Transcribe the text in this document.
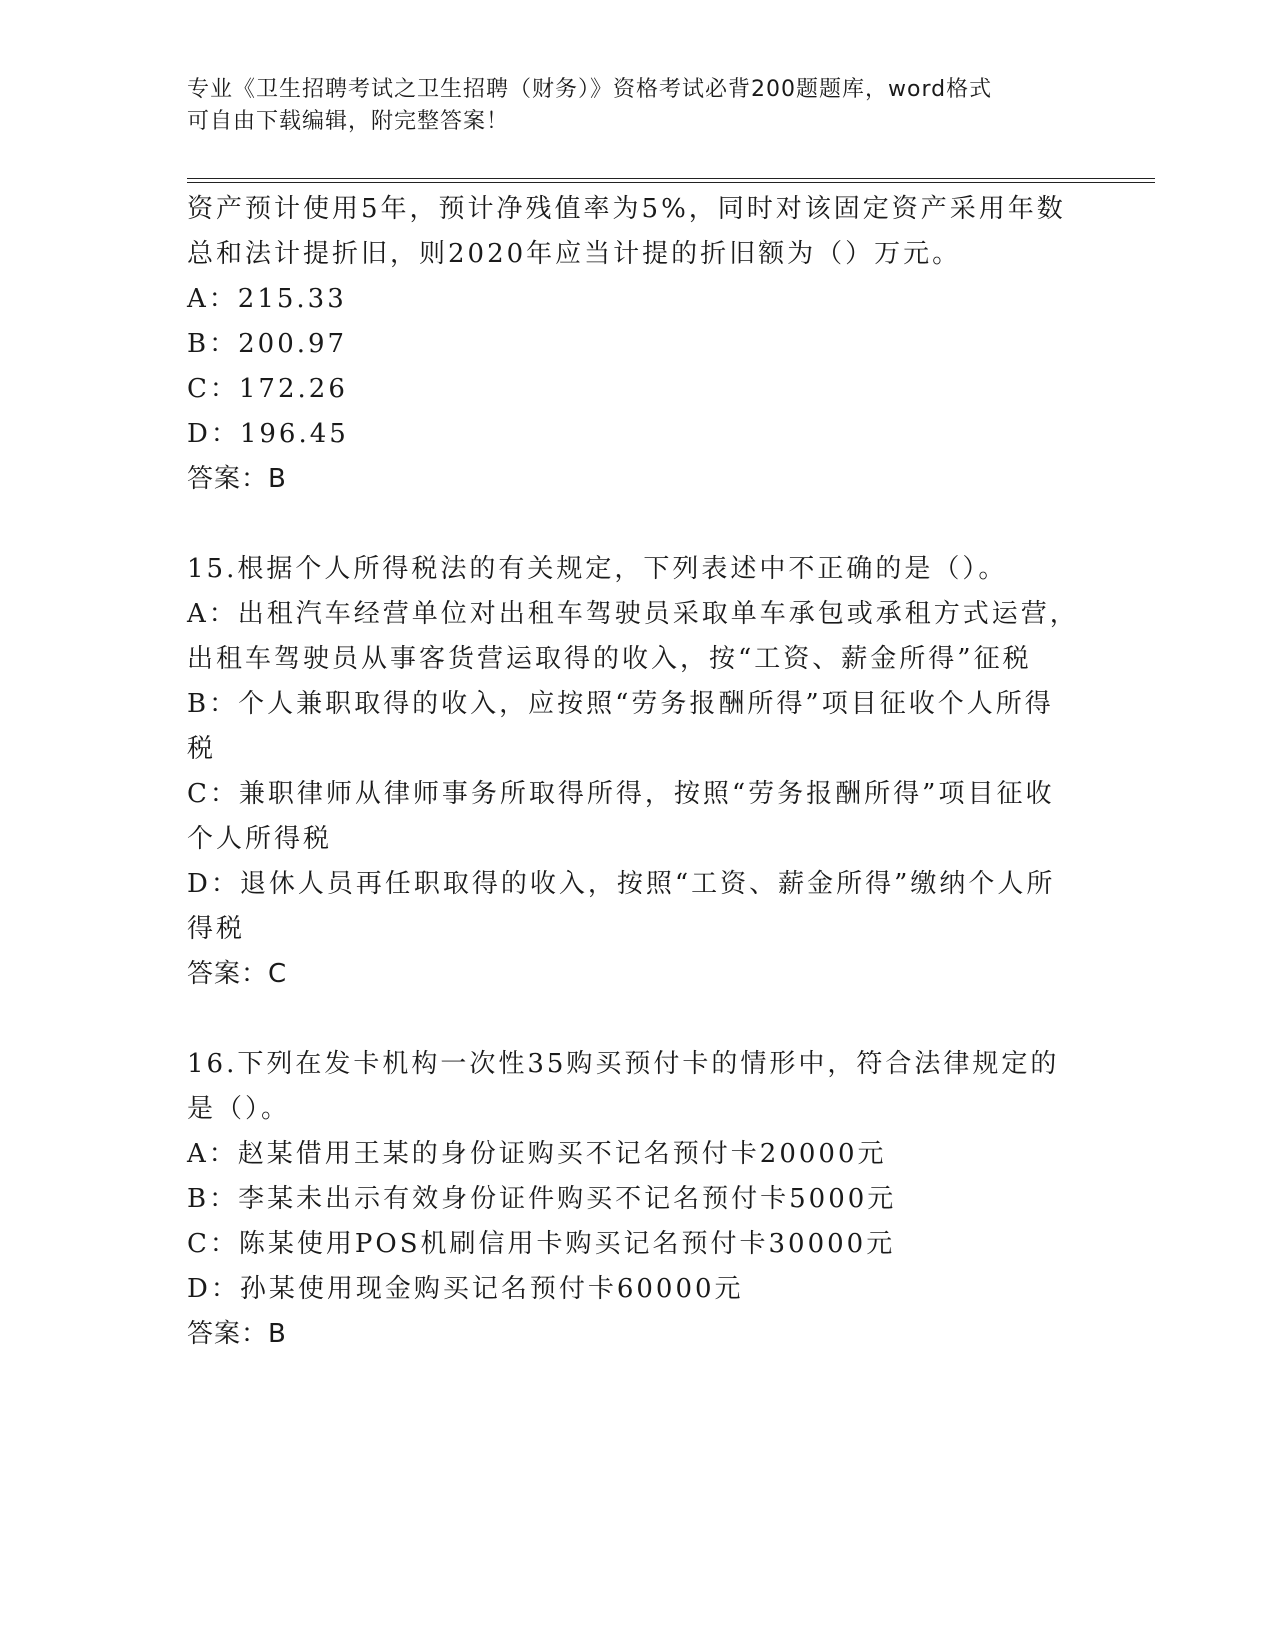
专业《卫生招聘考试之卫生招聘（财务）》资格考试必背200题题库，word格式
可自由下载编辑，附完整答案！
资产预计使用5年，预计净残值率为5%，同时对该固定资产采用年数
总和法计提折旧，则2020年应当计提的折旧额为（）万元。
A：215.33
B：200.97
C：172.26
D：196.45
答案：B
15.根据个人所得税法的有关规定，下列表述中不正确的是（）。
A：出租汽车经营单位对出租车驾驶员采取单车承包或承租方式运营，
出租车驾驶员从事客货营运取得的收入，按“工资、薪金所得”征税
B：个人兼职取得的收入，应按照“劳务报酬所得”项目征收个人所得
税
C：兼职律师从律师事务所取得所得，按照“劳务报酬所得”项目征收
个人所得税
D：退休人员再任职取得的收入，按照“工资、薪金所得”缴纳个人所
得税
答案：C
16.下列在发卡机构一次性35购买预付卡的情形中，符合法律规定的
是（）。
A：赵某借用王某的身份证购买不记名预付卡20000元
B：李某未出示有效身份证件购买不记名预付卡5000元
C：陈某使用POS机刷信用卡购买记名预付卡30000元
D：孙某使用现金购买记名预付卡60000元
答案：B
